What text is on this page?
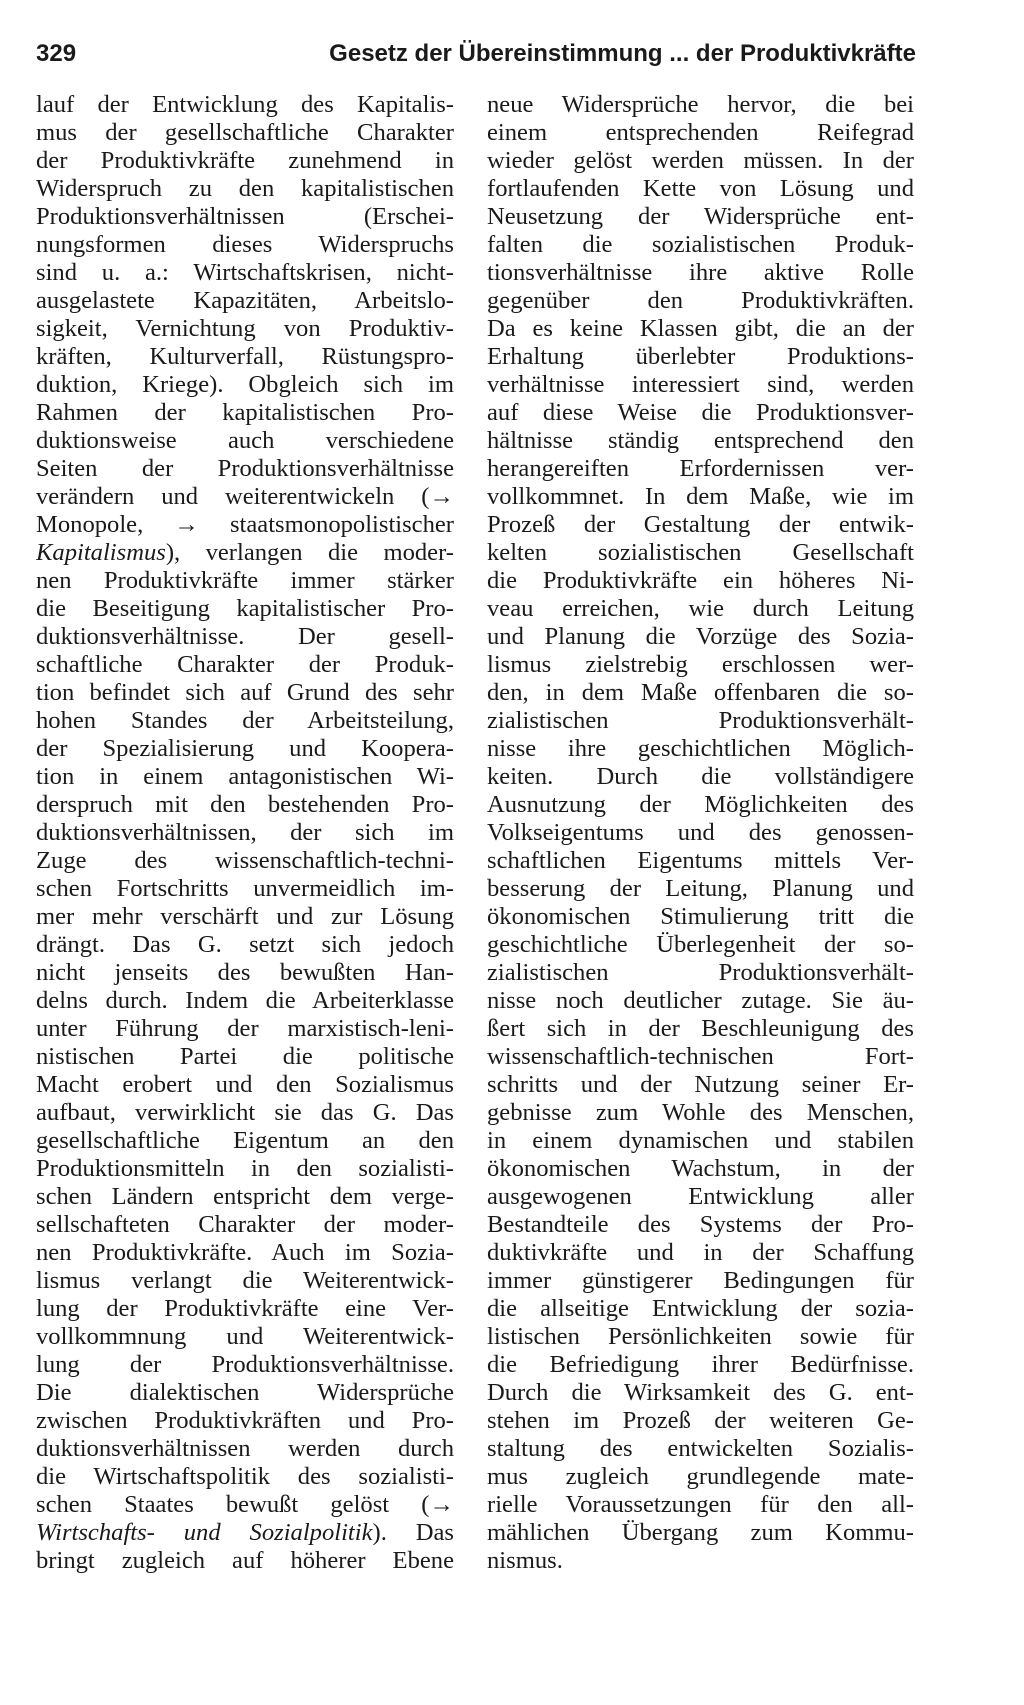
329	Gesetz der Übereinstimmung ... der Produktivkräfte
lauf der Entwicklung des Kapitalis-
mus der gesellschaftliche Charakter
der Produktivkräfte zunehmend in
Widerspruch zu den kapitalistischen
Produktionsverhältnissen (Erschei-
nungsformen dieses Widerspruchs
sind u. a.: Wirtschaftskrisen, nicht-
ausgelastete Kapazitäten, Arbeitslo-
sigkeit, Vernichtung von Produktiv-
kräften, Kulturverfall, Rüstungspro-
duktion, Kriege). Obgleich sich im
Rahmen der kapitalistischen Pro-
duktionsweise auch verschiedene
Seiten der Produktionsverhältnisse
verändern und weiterentwickeln (→
Monopole, → staatsmonopolistischer
Kapitalismus), verlangen die moder-
nen Produktivkräfte immer stärker
die Beseitigung kapitalistischer Pro-
duktionsverhältnisse. Der gesell-
schaftliche Charakter der Produk-
tion befindet sich auf Grund des sehr
hohen Standes der Arbeitsteilung,
der Spezialisierung und Koopera-
tion in einem antagonistischen Wi-
derspruch mit den bestehenden Pro-
duktionsverhältnissen, der sich im
Zuge des wissenschaftlich-techni-
schen Fortschritts unvermeidlich im-
mer mehr verschärft und zur Lösung
drängt. Das G. setzt sich jedoch
nicht jenseits des bewußten Han-
delns durch. Indem die Arbeiterklasse
unter Führung der marxistisch-leni-
nistischen Partei die politische
Macht erobert und den Sozialismus
aufbaut, verwirklicht sie das G. Das
gesellschaftliche Eigentum an den
Produktionsmitteln in den sozialisti-
schen Ländern entspricht dem verge-
sellschafteten Charakter der moder-
nen Produktivkräfte. Auch im Sozia-
lismus verlangt die Weiterentwick-
lung der Produktivkräfte eine Ver-
vollkommnung und Weiterentwick-
lung der Produktionsverhältnisse.
Die dialektischen Widersprüche
zwischen Produktivkräften und Pro-
duktionsverhältnissen werden durch
die Wirtschaftspolitik des sozialisti-
schen Staates bewußt gelöst (→
Wirtschafts- und Sozialpolitik). Das
bringt zugleich auf höherer Ebene
neue Widersprüche hervor, die bei
einem entsprechenden Reifegrad
wieder gelöst werden müssen. In der
fortlaufenden Kette von Lösung und
Neusetzung der Widersprüche ent-
falten die sozialistischen Produk-
tionsverhältnisse ihre aktive Rolle
gegenüber den Produktivkräften.
Da es keine Klassen gibt, die an der
Erhaltung überlebter Produktions-
verhältnisse interessiert sind, werden
auf diese Weise die Produktionsver-
hältnisse ständig entsprechend den
herangereiften Erfordernissen ver-
vollkommnet. In dem Maße, wie im
Prozeß der Gestaltung der entwik-
kelten sozialistischen Gesellschaft
die Produktivkräfte ein höheres Ni-
veau erreichen, wie durch Leitung
und Planung die Vorzüge des Sozia-
lismus zielstrebig erschlossen wer-
den, in dem Maße offenbaren die so-
zialistischen Produktionsverhält-
nisse ihre geschichtlichen Möglich-
keiten. Durch die vollständigere
Ausnutzung der Möglichkeiten des
Volkseigentums und des genossen-
schaftlichen Eigentums mittels Ver-
besserung der Leitung, Planung und
ökonomischen Stimulierung tritt die
geschichtliche Überlegenheit der so-
zialistischen Produktionsverhält-
nisse noch deutlicher zutage. Sie äu-
ßert sich in der Beschleunigung des
wissenschaftlich-technischen Fort-
schritts und der Nutzung seiner Er-
gebnisse zum Wohle des Menschen,
in einem dynamischen und stabilen
ökonomischen Wachstum, in der
ausgewogenen Entwicklung aller
Bestandteile des Systems der Pro-
duktivkräfte und in der Schaffung
immer günstigerer Bedingungen für
die allseitige Entwicklung der sozia-
listischen Persönlichkeiten sowie für
die Befriedigung ihrer Bedürfnisse.
Durch die Wirksamkeit des G. ent-
stehen im Prozeß der weiteren Ge-
staltung des entwickelten Sozialis-
mus zugleich grundlegende mate-
rielle Voraussetzungen für den all-
mählichen Übergang zum Kommu-
nismus.
